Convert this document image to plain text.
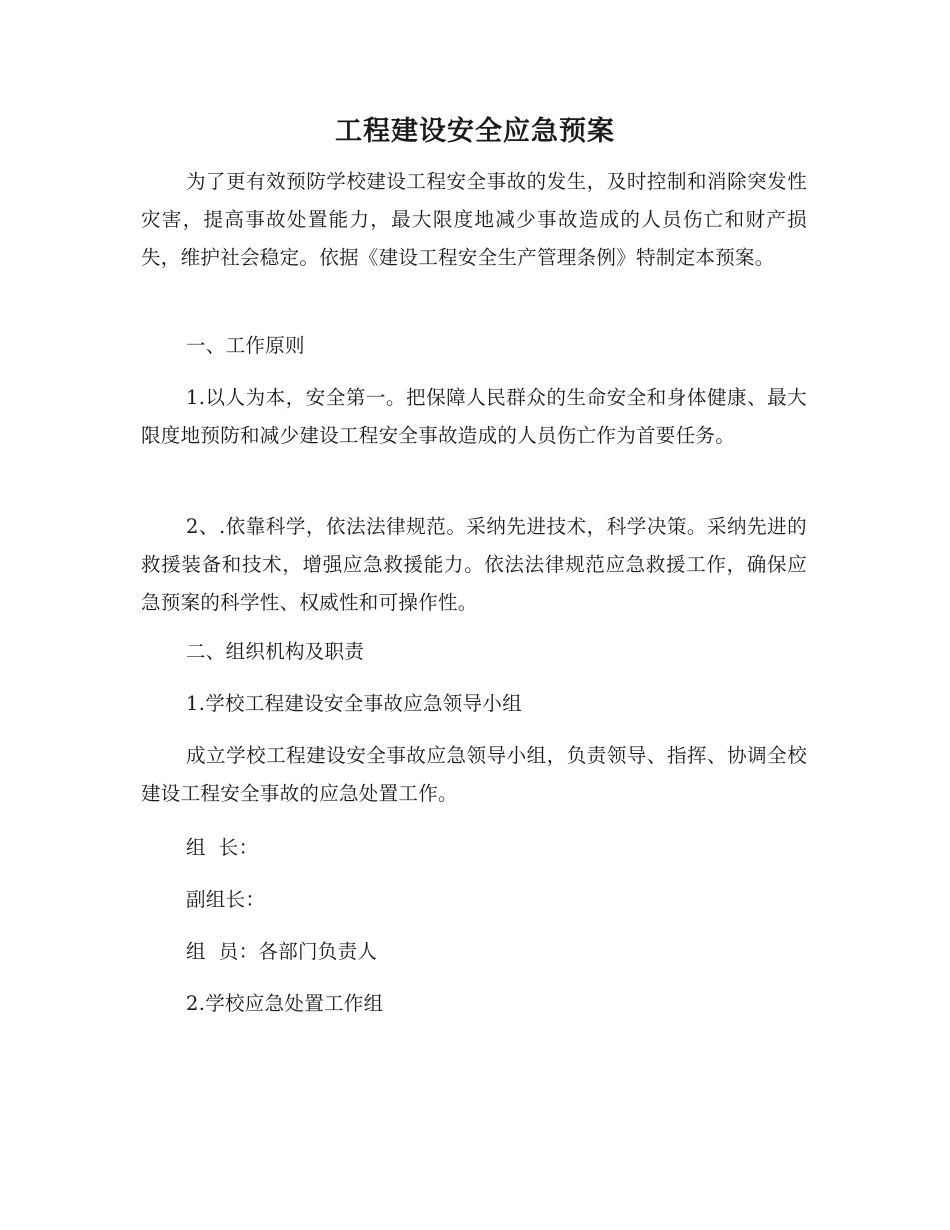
工程建设安全应急预案

为了更有效预防学校建设工程安全事故的发生，及时控制和消除突发性灾害，提高事故处置能力，最大限度地减少事故造成的人员伤亡和财产损失，维护社会稳定。依据《建设工程安全生产管理条例》特制定本预案。

一、工作原则

1.以人为本，安全第一。把保障人民群众的生命安全和身体健康、最大限度地预防和减少建设工程安全事故造成的人员伤亡作为首要任务。

2、.依靠科学，依法法律规范。采纳先进技术，科学决策。采纳先进的救援装备和技术，增强应急救援能力。依法法律规范应急救援工作，确保应急预案的科学性、权威性和可操作性。

二、组织机构及职责

1.学校工程建设安全事故应急领导小组

成立学校工程建设安全事故应急领导小组，负责领导、指挥、协调全校建设工程安全事故的应急处置工作。

组  长：

副组长：

组  员：各部门负责人

2.学校应急处置工作组
